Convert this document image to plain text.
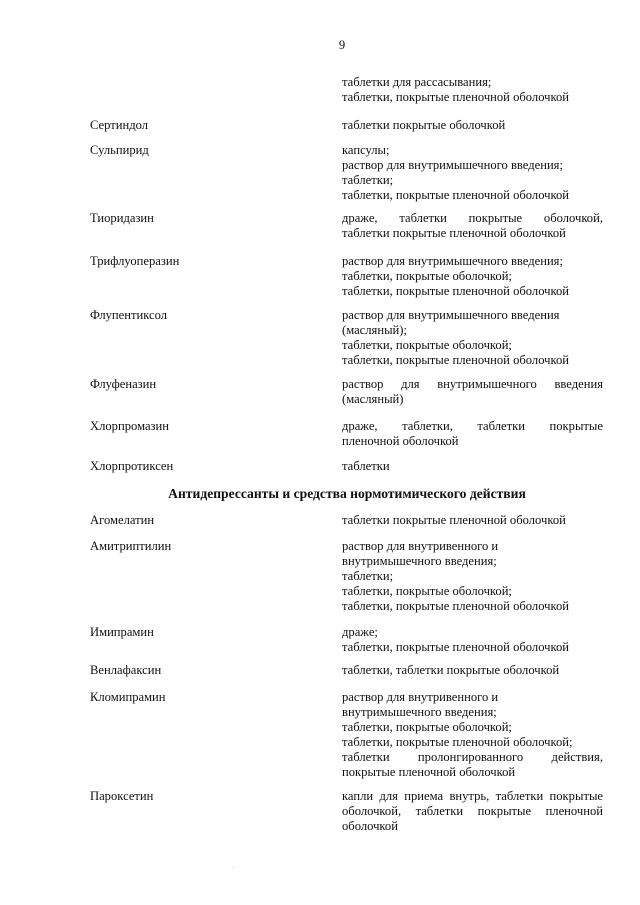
9
таблетки для рассасывания;
таблетки, покрытые пленочной оболочкой
Сертиндол	таблетки покрытые оболочкой
Сульпирид	капсулы;
раствор для внутримышечного введения;
таблетки;
таблетки, покрытые пленочной оболочкой
Тиоридазин	драже, таблетки покрытые оболочкой,
таблетки покрытые пленочной оболочкой
Трифлуоперазин	раствор для внутримышечного введения;
таблетки, покрытые оболочкой;
таблетки, покрытые пленочной оболочкой
Флупентиксол	раствор для внутримышечного введения
(масляный);
таблетки, покрытые оболочкой;
таблетки, покрытые пленочной оболочкой
Флуфеназин	раствор для внутримышечного введения
(масляный)
Хлорпромазин	драже, таблетки, таблетки покрытые
пленочной оболочкой
Хлорпротиксен	таблетки
Антидепрессанты и средства нормотимического действия
Агомелатин	таблетки покрытые пленочной оболочкой
Амитриптилин	раствор для внутривенного и
внутримышечного введения;
таблетки;
таблетки, покрытые оболочкой;
таблетки, покрытые пленочной оболочкой
Имипрамин	драже;
таблетки, покрытые пленочной оболочкой
Венлафаксин	таблетки, таблетки покрытые оболочкой
Кломипрамин	раствор для внутривенного и
внутримышечного введения;
таблетки, покрытые оболочкой;
таблетки, покрытые пленочной оболочкой;
таблетки пролонгированного действия,
покрытые пленочной оболочкой
Пароксетин	капли для приема внутрь, таблетки покрытые
оболочкой, таблетки покрытые пленочной
оболочкой
